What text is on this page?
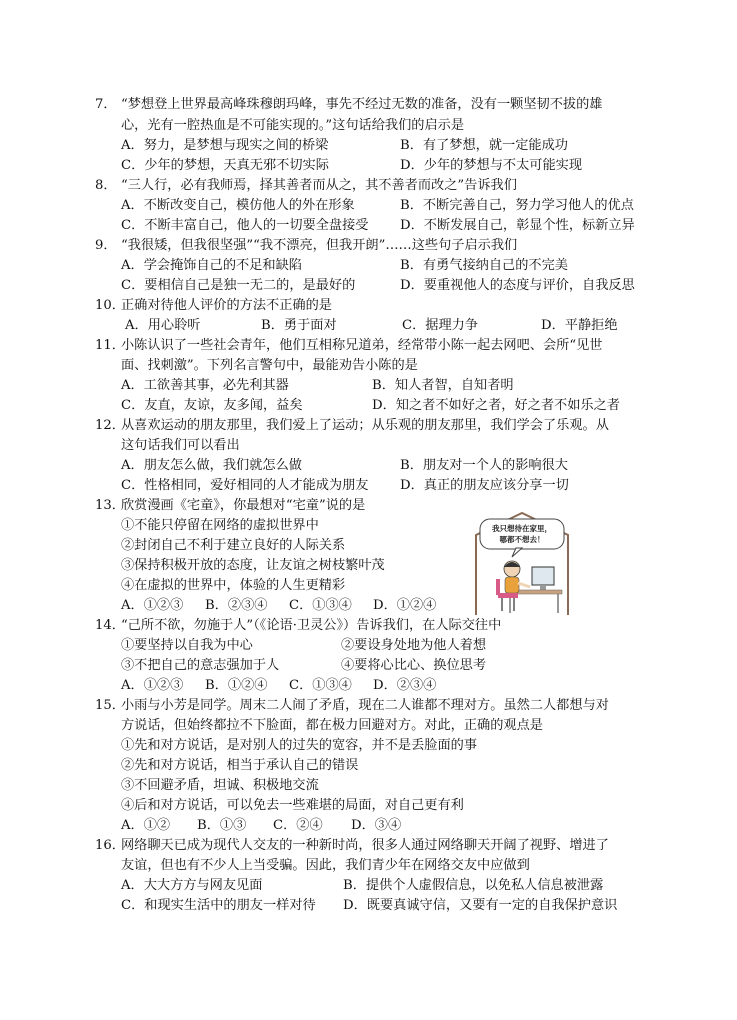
7． “梦想登上世界最高峰珠穆朗玛峰，事先不经过无数的准备，没有一颗坚韧不拔的雄
心，光有一腔热血是不可能实现的。”这句话给我们的启示是
A．努力，是梦想与现实之间的桥梁	B．有了梦想，就一定能成功
C．少年的梦想，天真无邪不切实际	D．少年的梦想与不太可能实现
8． “三人行，必有我师焉，择其善者而从之，其不善者而改之”告诉我们
A．不断改变自己，模仿他人的外在形象	B．不断完善自己，努力学习他人的优点
C．不断丰富自己，他人的一切要全盘接受 D．不断发展自己，彰显个性，标新立异
9． “我很矮，但我很坚强”“我不漂亮，但我开朗”……这些句子启示我们
A．学会掩饰自己的不足和缺陷	B．有勇气接纳自己的不完美
C．要相信自己是独一无二的，是最好的	D．要重视他人的态度与评价，自我反思
10．
正确对待他人评价的方法不正确的是
A．用心聆听	B．勇于面对	C．据理力争	D．平静拒绝
11．
小陈认识了一些社会青年，他们互相称兄道弟，经常带小陈一起去网吧、会所“见世
面、找刺激”。下列名言警句中，最能劝告小陈的是
A．工欲善其事，必先利其器	B．知人者智，自知者明
C．友直，友谅，友多闻，益矣	D．知之者不如好之者，好之者不如乐之者
12．
从喜欢运动的朋友那里，我们爱上了运动；从乐观的朋友那里，我们学会了乐观。从
这句话我们可以看出
A．朋友怎么做，我们就怎么做	B．朋友对一个人的影响很大
C．性格相同，爱好相同的人才能成为朋友 D．真正的朋友应该分享一切
13．
欣赏漫画《宅童》，你最想对“宅童”说的是
①不能只停留在网络的虚拟世界中
②封闭自己不利于建立良好的人际关系
③保持积极开放的态度，让友谊之树枝繁叶茂
④在虚拟的世界中，体验的人生更精彩
A．①②③ B．②③④ C．①③④ D．①②④
我只想待在家里，
哪都不想去！
14．
“己所不欲，勿施于人”（《论语·卫灵公》）告诉我们，在人际交往中
①要坚持以自我为中心	②要设身处地为他人着想
③不把自己的意志强加于人	④要将心比心、换位思考
A．①②③ B．①②④ C．①③④ D．②③④
15．
小雨与小芳是同学。周末二人闹了矛盾，现在二人谁都不理对方。虽然二人都想与对
方说话，但始终都拉不下脸面，都在极力回避对方。对此，正确的观点是
①先和对方说话，是对别人的过失的宽容，并不是丢脸面的事
②先和对方说话，相当于承认自己的错误
③不回避矛盾，坦诚、积极地交流
④后和对方说话，可以免去一些难堪的局面，对自己更有利
A．①② B．①③ C．②④ D．③④
16．
网络聊天已成为现代人交友的一种新时尚，很多人通过网络聊天开阔了视野、增进了
友谊，但也有不少人上当受骗。因此，我们青少年在网络交友中应做到
A．大大方方与网友见面	B．提供个人虚假信息，以免私人信息被泄露
C．和现实生活中的朋友一样对待 D．既要真诚守信，又要有一定的自我保护意识
